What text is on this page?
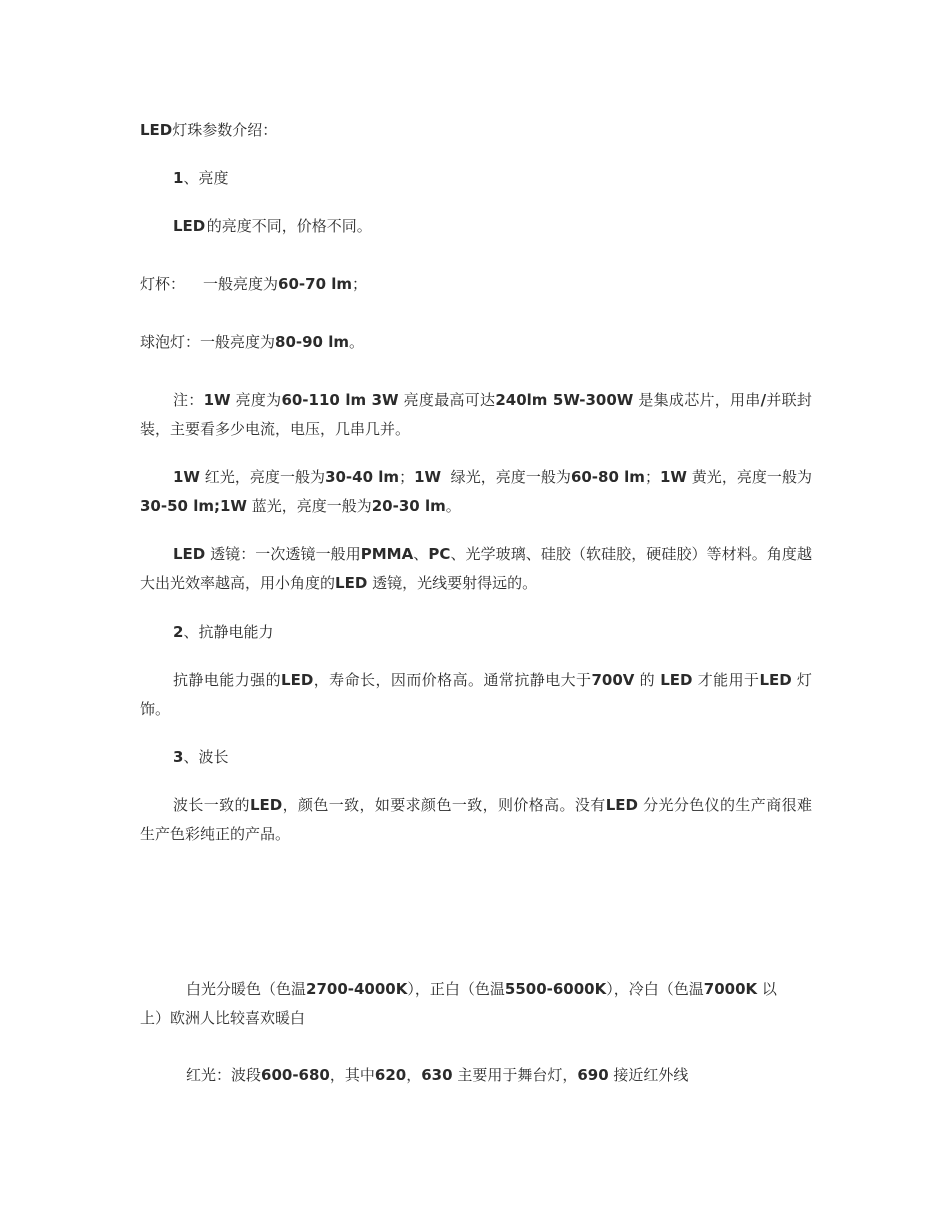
LED灯珠参数介绍：

1、亮度

LED  的亮度不同，价格不同。

灯杯： 一般亮度为60-70 lm；

球泡灯：一般亮度为80-90 lm。

注：1W 亮度为60-110 lm 3W 亮度最高可达240lm 5W-300W 是集成芯片，用串/并联封装，主要看多少电流，电压，几串几并。

1W 红光，亮度一般为30-40 lm；1W 绿光，亮度一般为60-80 lm；1W 黄光，亮度一般为30-50 lm;1W 蓝光，亮度一般为20-30 lm。

LED 透镜：一次透镜一般用PMMA、PC、光学玻璃、硅胶（软硅胶，硬硅胶）等材料。角度越大出光效率越高，用小角度的LED 透镜，光线要射得远的。

2、抗静电能力

抗静电能力强的LED，寿命长，因而价格高。通常抗静电大于700V 的 LED 才能用于LED 灯饰。

3、波长

波长一致的LED，颜色一致，如要求颜色一致，则价格高。没有LED 分光分色仪的生产商很难生产色彩纯正的产品。

白光分暖色（色温2700-4000K），正白（色温5500-6000K），冷白（色温7000K 以上）欧洲人比较喜欢暖白

红光：波段600-680，其中620，630 主要用于舞台灯，690 接近红外线
